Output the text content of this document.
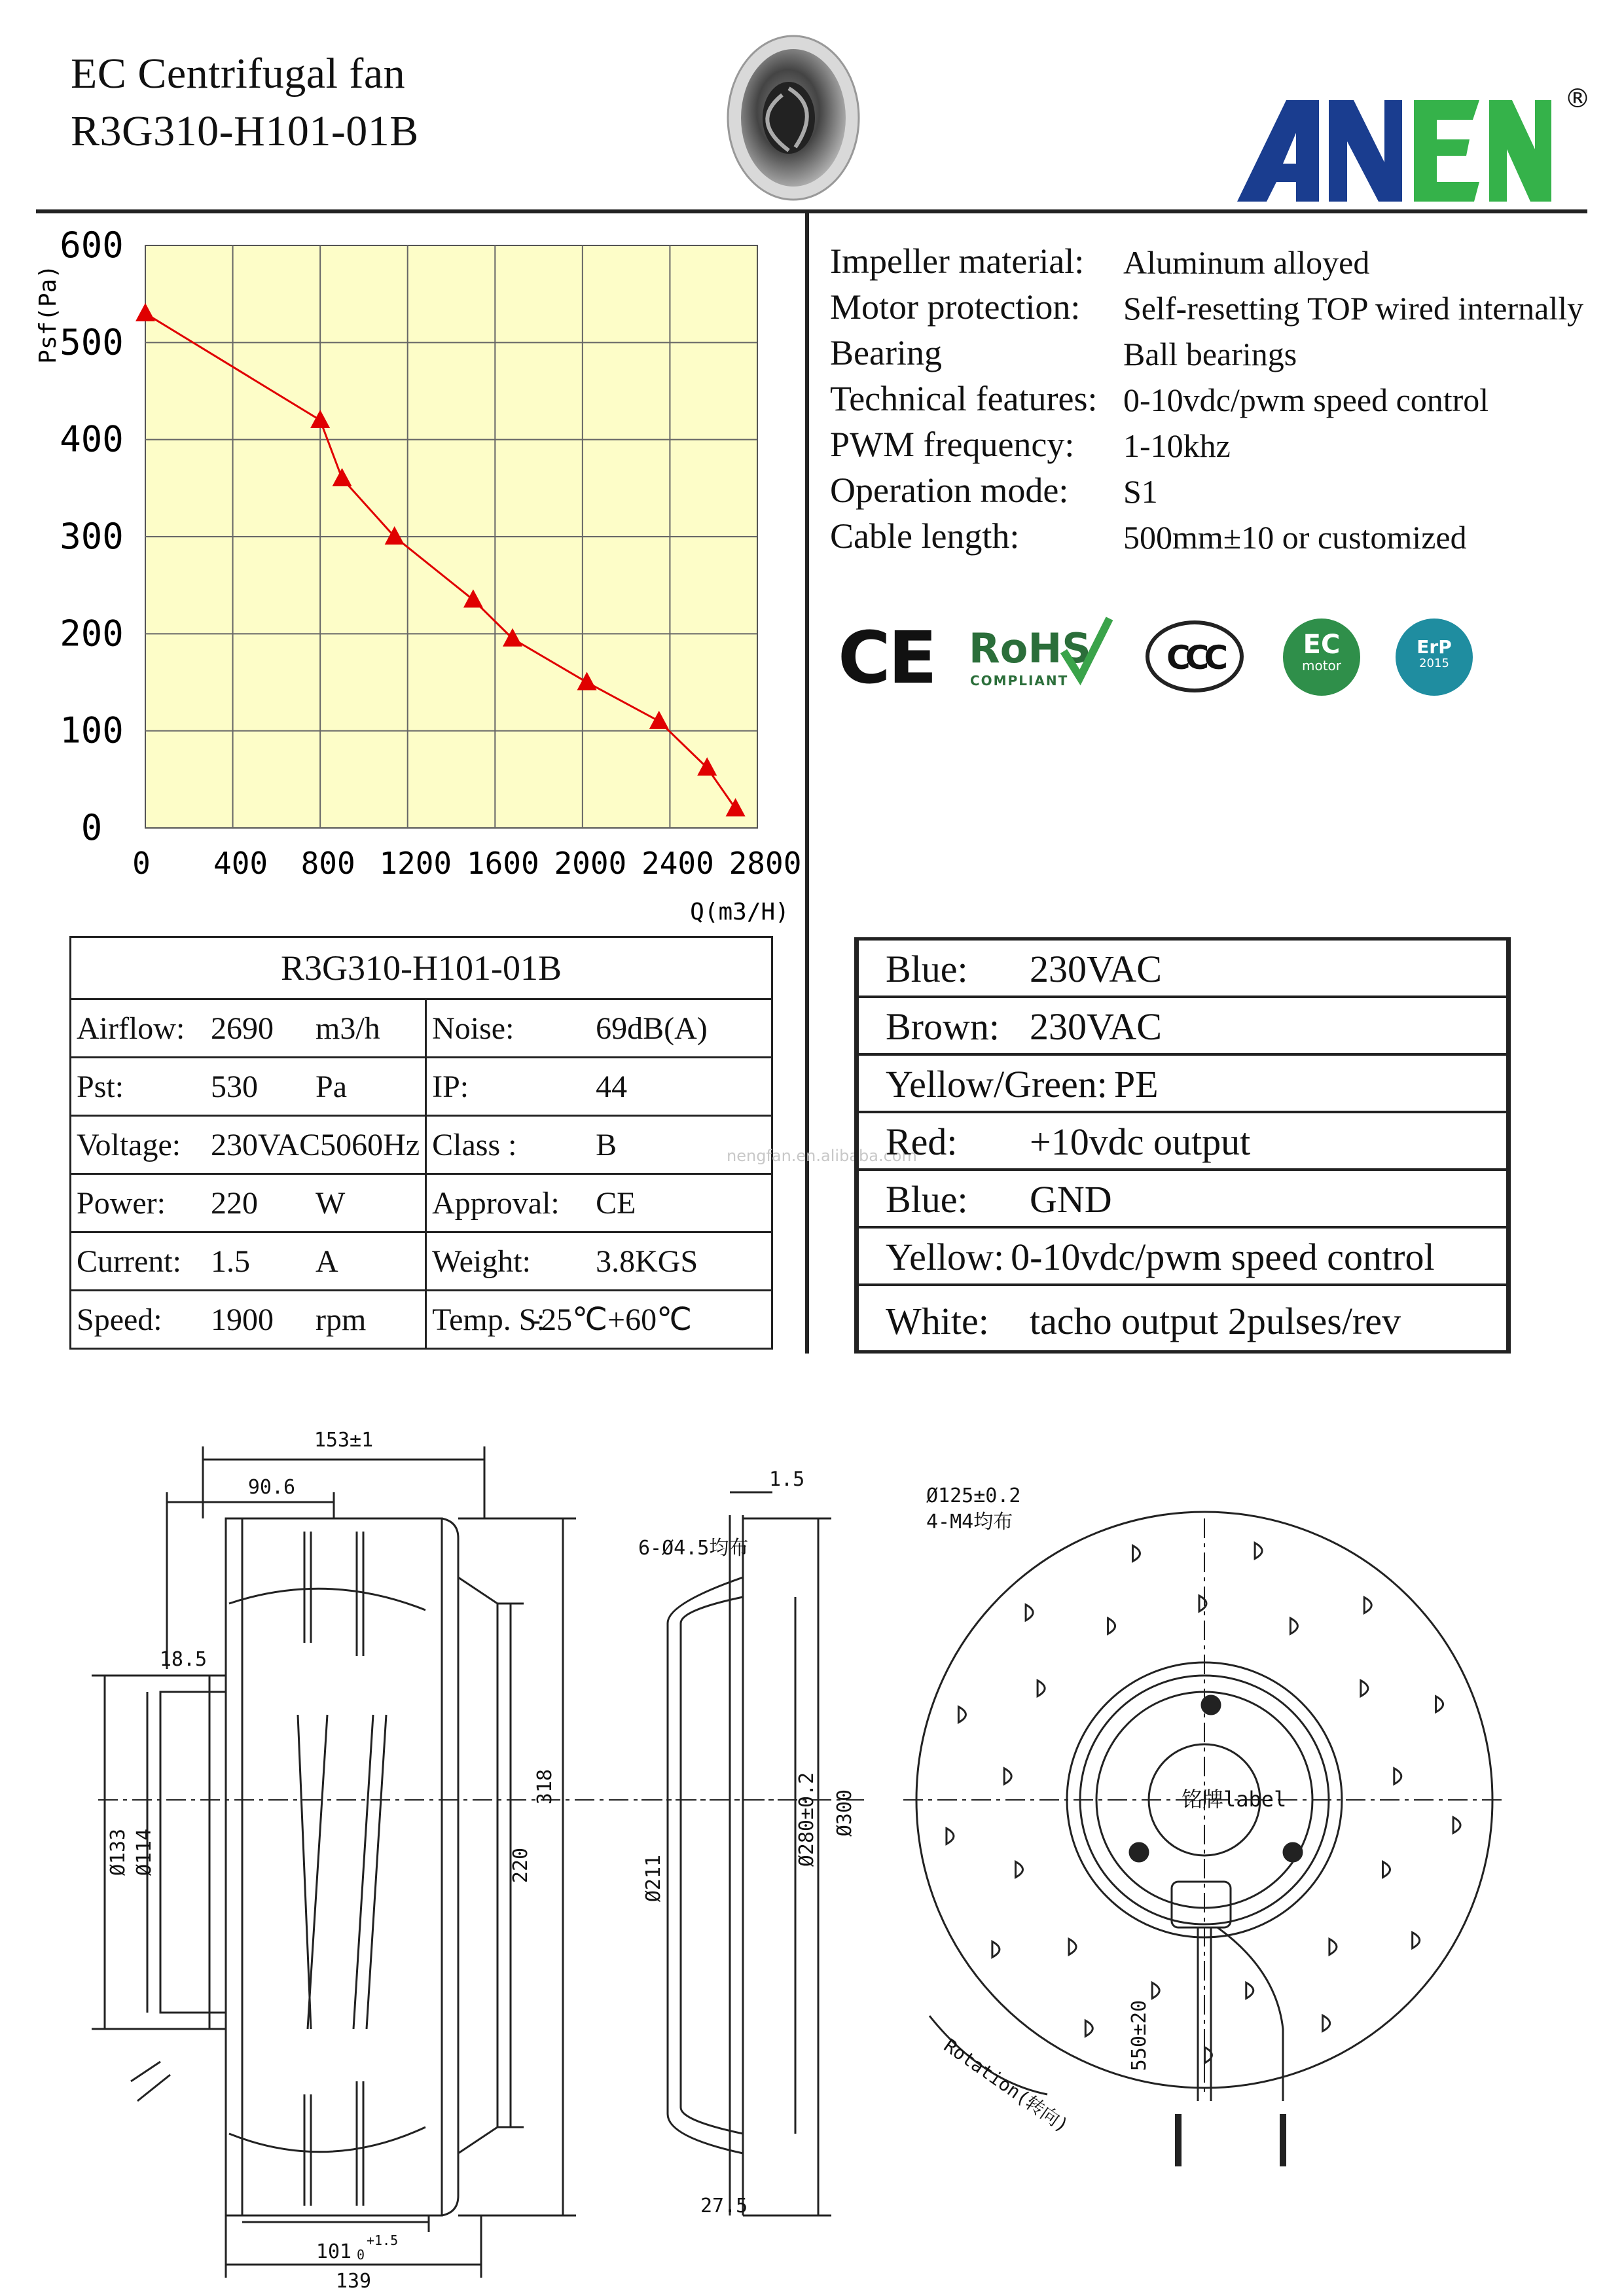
EC Centrifugal fan
R3G310-H101-01B
®
600
500
400
300
200
100
0
0 400 800 1200 1600 2000 2400 2800
Psf(Pa)
Q(m3/H)
Impeller material: Aluminum alloyed
Motor protection: Self-resetting TOP wired internally
Bearing	Ball bearings
Technical features: 0-10vdc/pwm speed control
PWM frequency: 1-10khz
Operation mode: S1
Cable length:	500mm±10 or customized
CE RoHS
COMPLIANT
CCC	EC
motor
ErP
2015
R3G310-H101-01B	
Airflow: 2690 m3/h	Noise: 69dB(A)
Pst: 530 Pa	IP: 44
Voltage: 230VAC5060Hz	Class : B
Power: 220 W	Approval: CE
Current: 1.5 A	Weight: 3.8KGS
Speed: 1900 rpm	Temp. S:-25℃+60℃
nengfan.en.alibaba.com
Blue: 230VAC
Brown: 230VAC
Yellow/Green: PE
Red: +10vdc output
Blue: GND
Yellow: 0-10vdc/pwm speed control
White: tacho output 2pulses/rev
153±1
90.6
18.5
Ø133 Ø114	220
318
101 +1.5
0
139
1.5
6-Ø4.5均布
Ø211
Ø280±0.2 Ø300
27.5
Ø125±0.2
4-M4均布
铭牌label
550±20
Rotation(转向)
